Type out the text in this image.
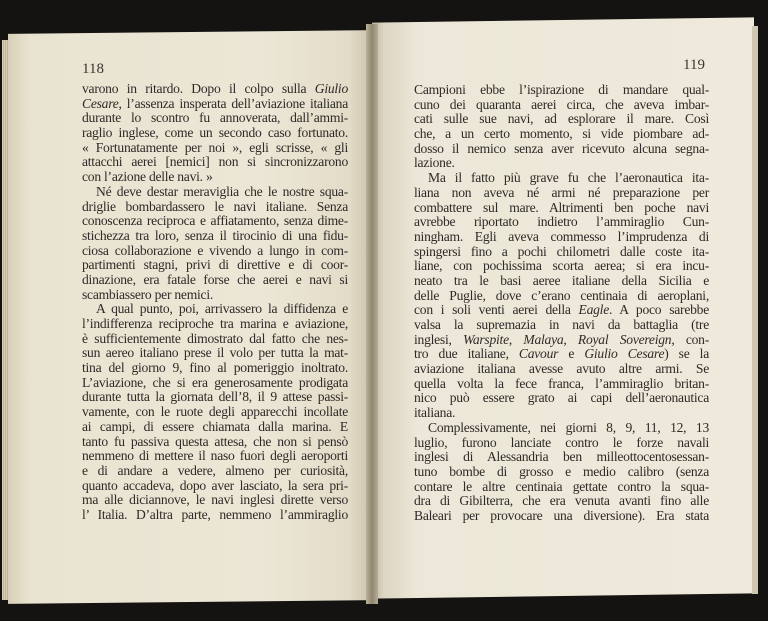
118
varono in ritardo. Dopo il colpo sulla Giulio
Cesare, l’assenza insperata dell’aviazione italiana
durante lo scontro fu annoverata, dall’ammi-
raglio inglese, come un secondo caso fortunato.
« Fortunatamente per noi », egli scrisse, « gli
attacchi aerei [nemici] non si sincronizzarono
con l’azione delle navi. »
Né deve destar meraviglia che le nostre squa-
driglie bombardassero le navi italiane. Senza
conoscenza reciproca e affiatamento, senza dime-
stichezza tra loro, senza il tirocinio di una fidu-
ciosa collaborazione e vivendo a lungo in com-
partimenti stagni, privi di direttive e di coor-
dinazione, era fatale forse che aerei e navi si
scambiassero per nemici.
A qual punto, poi, arrivassero la diffidenza e
l’indifferenza reciproche tra marina e aviazione,
è sufficientemente dimostrato dal fatto che nes-
sun aereo italiano prese il volo per tutta la mat-
tina del giorno 9, fino al pomeriggio inoltrato.
L’aviazione, che si era generosamente prodigata
durante tutta la giornata dell’8, il 9 attese passi-
vamente, con le ruote degli apparecchi incollate
ai campi, di essere chiamata dalla marina. E
tanto fu passiva questa attesa, che non si pensò
nemmeno di mettere il naso fuori degli aeroporti
e di andare a vedere, almeno per curiosità,
quanto accadeva, dopo aver lasciato, la sera pri-
ma alle diciannove, le navi inglesi dirette verso
l’ Italia. D’altra parte, nemmeno l’ammiraglio
119
Campioni ebbe l’ispirazione di mandare qual-
cuno dei quaranta aerei circa, che aveva imbar-
cati sulle sue navi, ad esplorare il mare. Così
che, a un certo momento, si vide piombare ad-
dosso il nemico senza aver ricevuto alcuna segna-
lazione.
Ma il fatto più grave fu che l’aeronautica ita-
liana non aveva né armi né preparazione per
combattere sul mare. Altrimenti ben poche navi
avrebbe riportato indietro l’ammiraglio Cun-
ningham. Egli aveva commesso l’imprudenza di
spingersi fino a pochi chilometri dalle coste ita-
liane, con pochissima scorta aerea; si era incu-
neato tra le basi aeree italiane della Sicilia e
delle Puglie, dove c’erano centinaia di aeroplani,
con i soli venti aerei della Eagle. A poco sarebbe
valsa la supremazia in navi da battaglia (tre
inglesi, Warspite, Malaya, Royal Sovereign, con-
tro due italiane, Cavour e Giulio Cesare) se la
aviazione italiana avesse avuto altre armi. Se
quella volta la fece franca, l’ammiraglio britan-
nico può essere grato ai capi dell’aeronautica
italiana.
Complessivamente, nei giorni 8, 9, 11, 12, 13
luglio, furono lanciate contro le forze navali
inglesi di Alessandria ben milleottocentosessan-
tuno bombe di grosso e medio calibro (senza
contare le altre centinaia gettate contro la squa-
dra di Gibilterra, che era venuta avanti fino alle
Baleari per provocare una diversione). Era stata
